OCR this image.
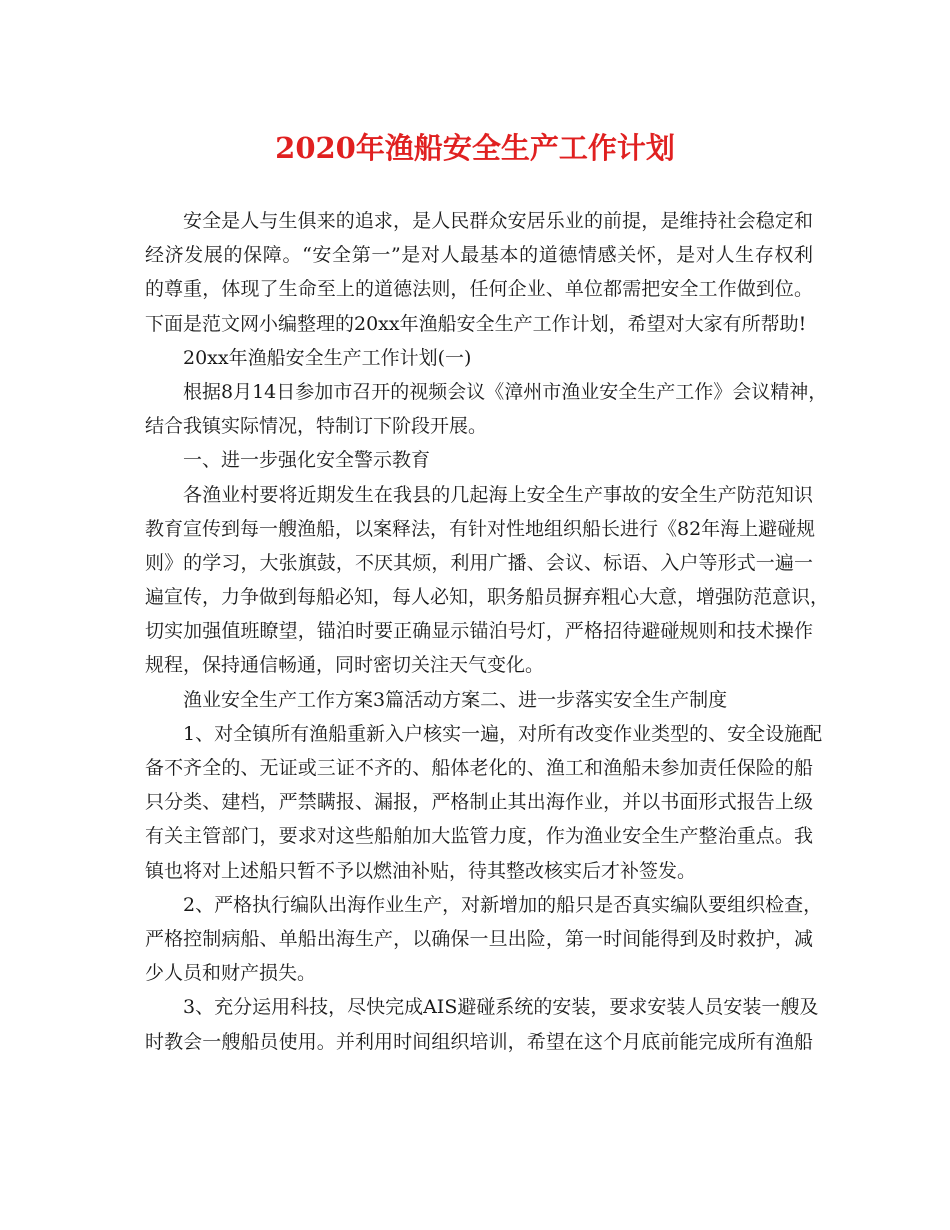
2020年渔船安全生产工作计划
安全是人与生俱来的追求，是人民群众安居乐业的前提，是维持社会稳定和
经济发展的保障。“安全第一”是对人最基本的道德情感关怀，是对人生存权利
的尊重，体现了生命至上的道德法则，任何企业、单位都需把安全工作做到位。
下面是范文网小编整理的20xx年渔船安全生产工作计划，希望对大家有所帮助!
20xx年渔船安全生产工作计划(一)
根据8月14日参加市召开的视频会议《漳州市渔业安全生产工作》会议精神，
结合我镇实际情况，特制订下阶段开展。
一、进一步强化安全警示教育
各渔业村要将近期发生在我县的几起海上安全生产事故的安全生产防范知识
教育宣传到每一艘渔船，以案释法，有针对性地组织船长进行《82年海上避碰规
则》的学习，大张旗鼓，不厌其烦，利用广播、会议、标语、入户等形式一遍一
遍宣传，力争做到每船必知，每人必知，职务船员摒弃粗心大意，增强防范意识，
切实加强值班瞭望，锚泊时要正确显示锚泊号灯，严格招待避碰规则和技术操作
规程，保持通信畅通，同时密切关注天气变化。
渔业安全生产工作方案3篇活动方案二、进一步落实安全生产制度
1、对全镇所有渔船重新入户核实一遍，对所有改变作业类型的、安全设施配
备不齐全的、无证或三证不齐的、船体老化的、渔工和渔船未参加责任保险的船
只分类、建档，严禁瞒报、漏报，严格制止其出海作业，并以书面形式报告上级
有关主管部门，要求对这些船舶加大监管力度，作为渔业安全生产整治重点。我
镇也将对上述船只暂不予以燃油补贴，待其整改核实后才补签发。
2、严格执行编队出海作业生产，对新增加的船只是否真实编队要组织检查，
严格控制病船、单船出海生产，以确保一旦出险，第一时间能得到及时救护，减
少人员和财产损失。
3、充分运用科技，尽快完成AIS避碰系统的安装，要求安装人员安装一艘及
时教会一艘船员使用。并利用时间组织培训，希望在这个月底前能完成所有渔船
